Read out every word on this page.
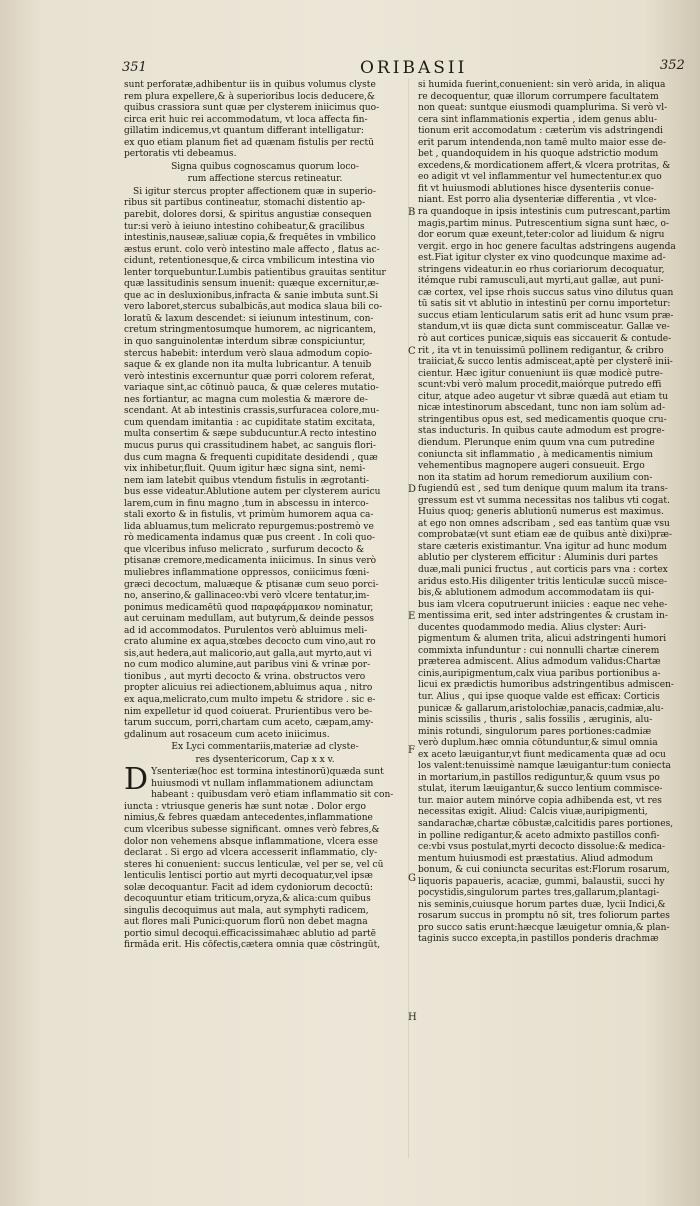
351	ORIBASII	352

sunt perforatæ,adhibentur iis in quibus volumus clyste

rem plura expellere,& à superioribus locis deducere,&

quibus crassiora sunt quæ per clysterem iniicimus quo-

circa erit huic rei accommodatum, vt loca affecta fin-

gillatim indicemus,vt quantum differant intelligatur:

ex quo etiam planum fiet ad quænam fistulis per rectū

pertoratis vti debeamus.

Signa quibus cognoscamus quorum loco-

rum affectione stercus retineatur.

Si igitur stercus propter affectionem quæ in superio-

ribus sit partibus contineatur, stomachi distentio ap-

parebit, dolores dorsi, & spiritus angustiæ consequen

tur:si verò à ieiuno intestino cohibeatur,& gracilibus

intestinis,nauseæ,saliuæ copia,& frequētes in vmbilico

æstus erunt. colo verò intestino male affecto , flatus ac-

cidunt, retentionesque,& circa vmbilicum intestina vio

lenter torquebuntur.Lumbis patientibus grauitas sentitur

quæ lassitudinis sensum inuenit: quæque excernitur,æ-

que ac in desluxionibus,infracta & sanie imbuta sunt.Si

vero laboret,stercus subalbicās,aut modica slaua bili co-

loratū & laxum descendet: si ieiunum intestinum, con-

cretum stringmentosumque humorem, ac nigricantem,

in quo sanguinolentæ interdum sibræ conspiciuntur,

stercus habebit: interdum verò slaua admodum copio-

saque & ex glande non ita multa lubricantur. A tenuib

verò intestinis excernuntur quæ porri colorem referat,

variaque sint,ac cōtinuò pauca, & quæ celeres mutatio-

nes fortiantur, ac magna cum molestia & mærore de-

scendant. At ab intestinis crassis,surfuracea colore,mu-

cum quendam imitantia : ac cupiditate statim excitata,

multa consertim & sæpe subducuntur.A recto intestino

mucus purus qui crassitudinem habet, ac sanguis flori-

dus cum magna & frequenti cupiditate desidendi , quæ

vix inhibetur,fluit. Quum igitur hæc signa sint, nemi-

nem iam latebit quibus vtendum fistulis in ægrotanti-

bus esse videatur.Ablutione autem per clysterem auricu

larem,cum in finu magno ,tum in abscessu in interco-

stali exorto & in fistulis, vt primùm humorem aqua ca-

lida abluamus,tum melicrato repurgemus:postremò ve

rò medicamenta indamus quæ pus creent . In coli quo-

que vlceribus infuso melicrato , surfurum decocto &

ptisanæ cremore,medicamenta iniicimus. In sinus verò

muliebres inflammatione oppressos, coniicimus fœni-

græci decoctum, maluæque & ptisanæ cum seuo porci-

no, anserino,& gallinaceo:vbi verò vlcere tentatur,im-

ponimus medicamētū quod παραφάρμακον nominatur,

aut ceruinam medullam, aut butyrum,& deinde pessos

ad id accommodatos. Purulentos verò abluimus meli-

crato alumine ex aqua,stœbes decocto cum vino,aut ro

sis,aut hedera,aut malicorio,aut galla,aut myrto,aut vi

no cum modico alumine,aut paribus vini & vrinæ por-

tionibus , aut myrti decocto & vrina. obstructos vero

propter alicuius rei adiectionem,abluimus aqua , nitro

ex aqua,melicrato,cum multo impetu & stridore . sic e-

nim expelletur id quod coiuerat. Prurientibus vero be-

tarum succum, porri,chartam cum aceto, cæpam,amy-

gdalinum aut rosaceum cum aceto iniicimus.

Ex Lyci commentariis,materiæ ad clyste-

res dysentericorum, Cap x x v.

D Ysenteriæ(hoc est tormina intestinorū)quæda sunt

huiusmodi vt nullam inflammationem adiunctam

habeant : quibusdam verò etiam inflammatio sit con-

iuncta : vtriusque generis hæ sunt notæ . Dolor ergo

nimius,& febres quædam antecedentes,inflammatione

cum vlceribus subesse significant. omnes verò febres,&

dolor non vehemens absque inflammatione, vlcera esse

declarat . Si ergo ad vlcera accesserit inflammatio, cly-

steres hi conuenient: succus lenticulæ, vel per se, vel cū

lenticulis lentisci portio aut myrti decoquatur,vel ipsæ

solæ decoquantur. Facit ad idem cydoniorum decoctū:

decoquuntur etiam triticum,oryza,& alica:cum quibus

singulis decoquimus aut mala, aut symphyti radicem,

aut flores mali Punici:quorum florū non debet magna

portio simul decoqui.efficacissimahæc ablutio ad partē

firmāda erit. His cōfectis,cætera omnia quæ cōstringūt,

si humida fuerint,conuenient: sin verò arida, in aliqua

re decoquentur, quæ illorum corrumpere facultatem

non queat: suntque eiusmodi quamplurima. Si verò vl-

cera sint inflammationis expertia , idem genus ablu-

tionum erit accomodatum : cæterùm vis adstringendi

erit parum intendenda,non tamē multo maior esse de-

bet , quandoquidem in his quoque adstrictio modum

excedens,& mordicationem affert,& vlcera protritas, &

eo adigit vt vel inflammentur vel humectentur.ex quo

fit vt huiusmodi ablutiones hisce dysenteriis conue-

niant. Est porro alia dysenteriæ differentia , vt vlce-

ra quandoque in ipsis intestinis cum putrescant,partim

magis,partim minus. Putrescentium signa sunt hæc, o-

dor eorum quæ exeunt,teter:color ad liuidum & nigru

vergit. ergo in hoc genere facultas adstringens augenda

est.Fiat igitur clyster ex vino quodcunque maxime ad-

stringens videatur.in eo rhus coriariorum decoquatur,

itémque rubi ramusculi,aut myrti,aut gallæ, aut puni-

cæ cortex, vel ipse rhois succus satus vino dilutus quan

tū satis sit vt ablutio in intestinū per cornu importetur:

succus etiam lenticularum satis erit ad hunc vsum præ-

standum,vt iis quæ dicta sunt commisceatur. Gallæ ve-

rò aut cortices punicæ,siquis eas siccauerit & contude-

rit , ita vt in tenuissimū pollinem redigantur, & cribro

traiiciat,& succo lentis admisceat,aptè per clysterē inii-

cientur. Hæc igitur conueniunt iis quæ modicè putre-

scunt:vbi verò malum procedit,maiórque putredo effi

citur, atque adeo augetur vt sibræ quædā aut etiam tu

nicæ intestinorum abscedant, tunc non iam solùm ad-

stringentibus opus est, sed medicamentis quoque cru-

stas inducturis. In quibus caute admodum est progre-

diendum. Plerunque enim quum vna cum putredine

coniuncta sit inflammatio , à medicamentis nimium

vehementibus magnopere augeri consueuit. Ergo

non ita statim ad horum remediorum auxilium con-

fugiendū est , sed tum denique quum malum ita trans-

gressum est vt summa necessitas nos talibus vti cogat.

Huius quoq; generis ablutionū numerus est maximus.

at ego non omnes adscribam , sed eas tantùm quæ vsu

comprobatæ(vt sunt etiam eæ de quibus antè dixi)præ-

stare cæteris existimantur. Vna igitur ad hunc modum

ablutio per clysterem efficitur : Aluminis duri partes

duæ,mali punici fructus , aut corticis pars vna : cortex

aridus esto.His diligenter tritis lenticulæ succū misce-

bis,& ablutionem admodum accommodatam iis qui-

bus iam vlcera coputruerunt iniicies : eaque nec vehe-

mentissima erit, sed inter adstringentes & crustam in-

ducentes quodammodo media. Alius clyster: Auri-

pigmentum & alumen trita, alicui adstringenti humori

commixta infunduntur : cui nonnulli chartæ cinerem

præterea admiscent. Alius admodum validus:Chartæ

cinis,auripigmentum,calx viua paribus portionibus a-

licui ex prædictis humoribus adstringentibus admiscen-

tur. Alius , qui ipse quoque valde est efficax: Corticis

punicæ & gallarum,aristolochiæ,panacis,cadmiæ,alu-

minis scissilis , thuris , salis fossilis , æruginis, alu-

minis rotundi, singulorum pares portiones:cadmiæ

verò duplum.hæc omnia cōtunduntur,& simul omnia

ex aceto læuigantur,vt fiunt medicamenta quæ ad ocu

los valent:tenuissimè namque læuigantur:tum coniecta

in mortarium,in pastillos rediguntur,& quum vsus po

stulat, iterum læuigantur,& succo lentium commisce-

tur. maior autem minórve copia adhibenda est, vt res

necessitas exigit. Aliud: Calcis viuæ,auripigmenti,

sandarachæ,chartæ cōbustæ,calcitidis pares portiones,

in polline redigantur,& aceto admixto pastillos confi-

ce:vbi vsus postulat,myrti decocto dissolue:& medica-

mentum huiusmodi est præstatius. Aliud admodum

bonum, & cui coniuncta securitas est:Florum rosarum,

liquoris papaueris, acaciæ, gummi, balaustii, succi hy

pocystidis,singulorum partes tres,gallarum,plantagi-

nis seminis,cuiusque horum partes duæ, lycii Indici,&

rosarum succus in promptu nō sit, tres foliorum partes

pro succo satis erunt:hæcque læuigetur omnia,& plan-

taginis succo excepta,in pastillos ponderis drachmæ

B
C
D
E
F
G
H
